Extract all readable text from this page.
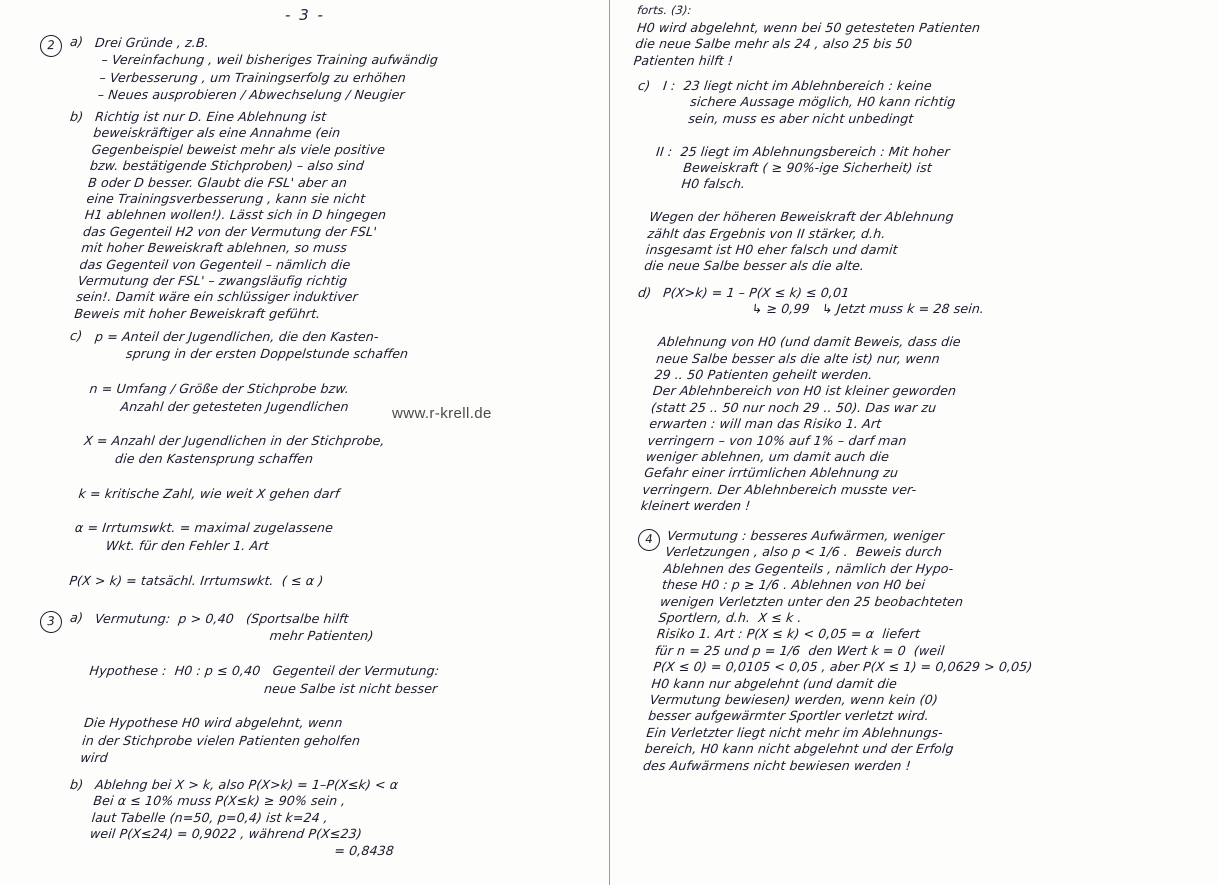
- 3 -
www.r-krell.de
2	a) Drei Gründe , z.B.
– Vereinfachung , weil bisheriges Training aufwändig
– Verbesserung , um Trainingserfolg zu erhöhen
– Neues ausprobieren / Abwechselung / Neugier
b) Richtig ist nur D. Eine Ablehnung ist
beweiskräftiger als eine Annahme (ein
Gegenbeispiel beweist mehr als viele positive
bzw. bestätigende Stichproben) – also sind
B oder D besser. Glaubt die FSL' aber an
eine Trainingsverbesserung , kann sie nicht
H1 ablehnen wollen!). Lässt sich in D hingegen
das Gegenteil H2 von der Vermutung der FSL'
mit hoher Beweiskraft ablehnen, so muss
das Gegenteil von Gegenteil – nämlich die
Vermutung der FSL' – zwangsläufig richtig
sein!. Damit wäre ein schlüssiger induktiver
Beweis mit hoher Beweiskraft geführt.
c) p = Anteil der Jugendlichen, die den Kasten-
sprung in der ersten Doppelstunde schaffen

n = Umfang / Größe der Stichprobe bzw.
Anzahl der getesteten Jugendlichen

X = Anzahl der Jugendlichen in der Stichprobe,
die den Kastensprung schaffen

k = kritische Zahl, wie weit X gehen darf

α = Irrtumswkt. = maximal zugelassene
Wkt. für den Fehler 1. Art

P(X > k) = tatsächl. Irrtumswkt.  ( ≤ α )
3	a) Vermutung:  p > 0,40   (Sportsalbe hilft
mehr Patienten)

Hypothese :  H0 : p ≤ 0,40   Gegenteil der Vermutung:
neue Salbe ist nicht besser

Die Hypothese H0 wird abgelehnt, wenn
in der Stichprobe vielen Patienten geholfen
wird
b) Ablehng bei X > k, also P(X>k) = 1–P(X≤k) < α
Bei α ≤ 10% muss P(X≤k) ≥ 90% sein ,
laut Tabelle (n=50, p=0,4) ist k=24 ,
weil P(X≤24) = 0,9022 , während P(X≤23)
= 0,8438
forts. (3):
H0 wird abgelehnt, wenn bei 50 getesteten Patienten
die neue Salbe mehr als 24 , also 25 bis 50
Patienten hilft !
c) I :  23 liegt nicht im Ablehnbereich : keine
sichere Aussage möglich, H0 kann richtig
sein, muss es aber nicht unbedingt

II :  25 liegt im Ablehnungsbereich : Mit hoher
Beweiskraft ( ≥ 90%-ige Sicherheit) ist
H0 falsch.

Wegen der höheren Beweiskraft der Ablehnung
zählt das Ergebnis von II stärker, d.h.
insgesamt ist H0 eher falsch und damit
die neue Salbe besser als die alte.
d) P(X>k) = 1 – P(X ≤ k) ≤ 0,01
↳ ≥ 0,99   ↳ Jetzt muss k = 28 sein.

Ablehnung von H0 (und damit Beweis, dass die
neue Salbe besser als die alte ist) nur, wenn
29 .. 50 Patienten geheilt werden.
Der Ablehnbereich von H0 ist kleiner geworden
(statt 25 .. 50 nur noch 29 .. 50). Das war zu
erwarten : will man das Risiko 1. Art
verringern – von 10% auf 1% – darf man
weniger ablehnen, um damit auch die
Gefahr einer irrtümlichen Ablehnung zu
verringern. Der Ablehnbereich musste ver-
kleinert werden !
4	Vermutung : besseres Aufwärmen, weniger
Verletzungen , also p < 1/6 .  Beweis durch
Ablehnen des Gegenteils , nämlich der Hypo-
these H0 : p ≥ 1/6 . Ablehnen von H0 bei
wenigen Verletzten unter den 25 beobachteten
Sportlern, d.h.  X ≤ k .
Risiko 1. Art : P(X ≤ k) < 0,05 = α  liefert
für n = 25 und p = 1/6  den Wert k = 0  (weil
P(X ≤ 0) = 0,0105 < 0,05 , aber P(X ≤ 1) = 0,0629 > 0,05)
H0 kann nur abgelehnt (und damit die
Vermutung bewiesen) werden, wenn kein (0)
besser aufgewärmter Sportler verletzt wird.
Ein Verletzter liegt nicht mehr im Ablehnungs-
bereich, H0 kann nicht abgelehnt und der Erfolg
des Aufwärmens nicht bewiesen werden !
